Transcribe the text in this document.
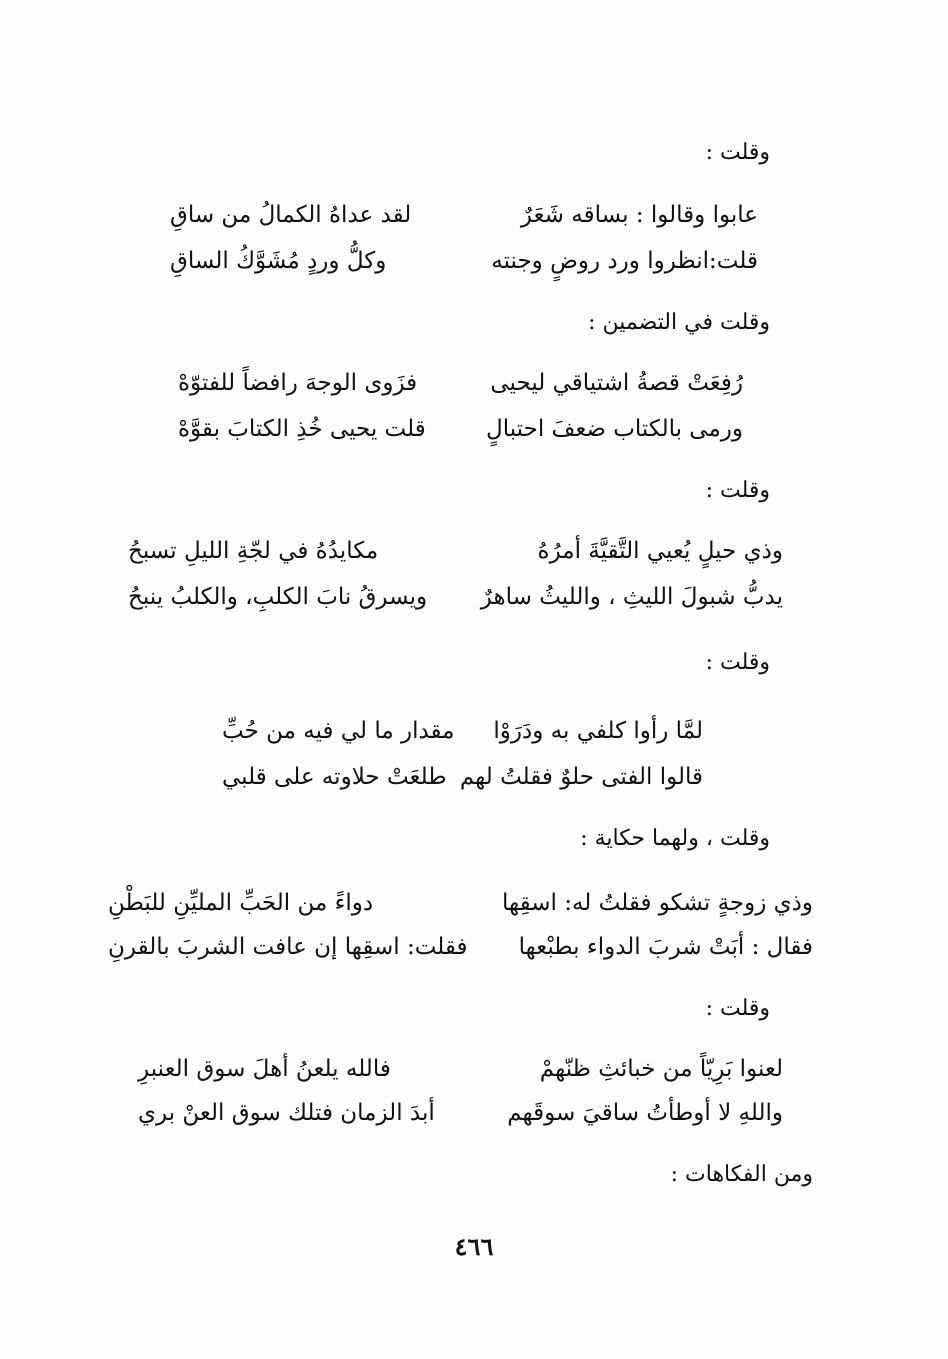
وقلت :
عابوا وقالوا : بساقه شَعَرٌ
لقد عداهُ الكمالُ من ساقِ
قلت:انظروا ورد روضٍ وجنته
وكلُّ وردٍ مُشَوَّكُ الساقِ
وقلت في التضمين :
رُفِعَتْ قصةُ اشتياقي ليحيى
فزَوى الوجهَ رافضاً للفتوّهْ
ورمى بالكتاب ضعفَ احتبالٍ
قلت يحيى خُذِ الكتابَ بقوَّهْ
وقلت :
وذي حيلٍ يُعيي التَّقيَّةَ أمرُهُ
مكايدُهُ في لجّةِ الليلِ تسبحُ
يدبُّ شبولَ الليثِ ، والليثُ ساهرٌ
ويسرقُ نابَ الكلبِ، والكلبُ ينبحُ
وقلت :
لمَّا رأوا كلفي به ودَرَوْا
مقدار ما لي فيه من حُبِّ
قالوا الفتى حلوٌ فقلتُ لهم
طلعَتْ حلاوته على قلبي
وقلت ، ولهما حكاية :
وذي زوجةٍ تشكو فقلتُ له: اسقِها
دواءً من الحَبِّ المليِّنِ للبَطْنِ
فقال : أبَتْ شربَ الدواء بطبْعها
فقلت: اسقِها إن عافت الشربَ بالقرنِ
وقلت :
لعنوا بَرِيّاً من خبائثِ ظنّهمْ
فالله يلعنُ أهلَ سوق العنبرِ
واللهِ لا أوطأتُ ساقيَ سوقَهم
أبدَ الزمان فتلك سوق العنْ بري
ومن الفكاهات :
٤٦٦
